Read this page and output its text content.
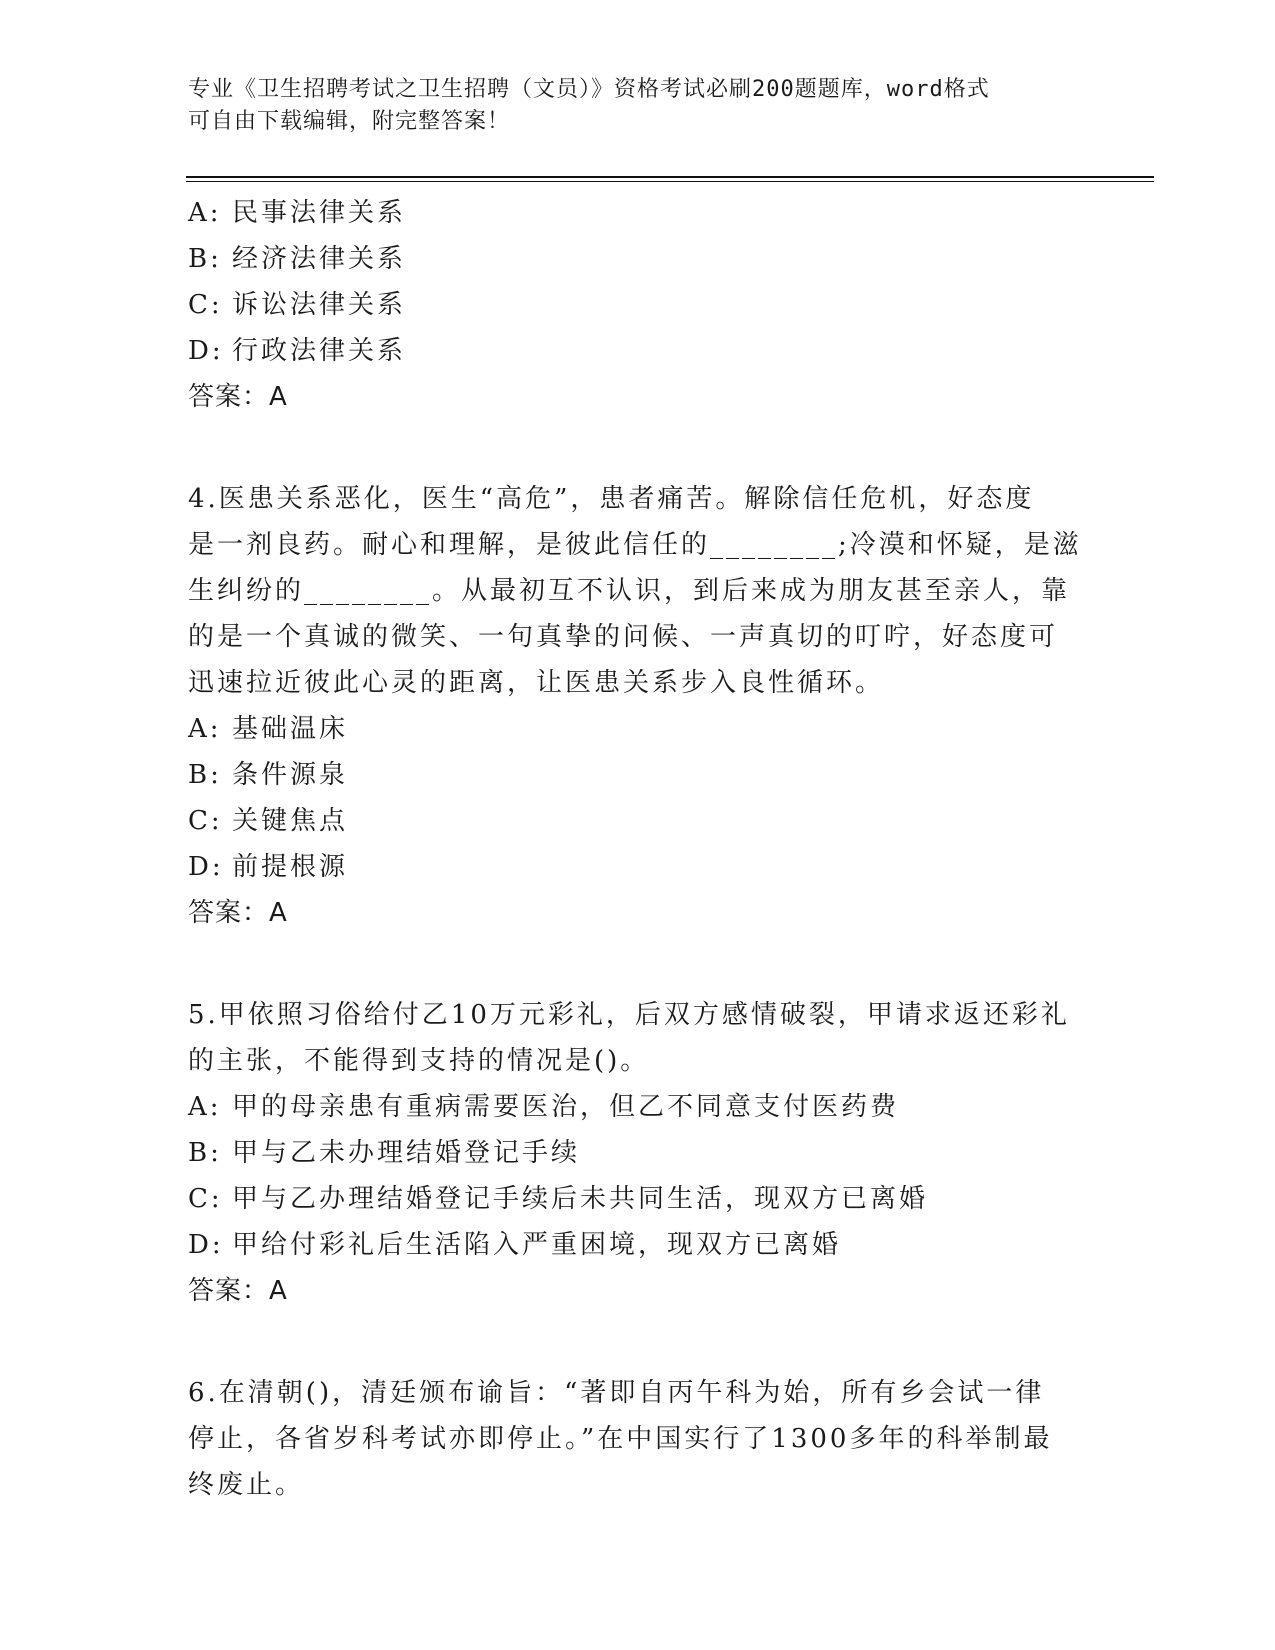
专业《卫生招聘考试之卫生招聘（文员）》资格考试必刷200题题库，word格式
可自由下载编辑，附完整答案！
A: 民事法律关系
B: 经济法律关系
C: 诉讼法律关系
D: 行政法律关系
答案：A
4.医患关系恶化，医生“高危”，患者痛苦。解除信任危机，好态度
是一剂良药。耐心和理解，是彼此信任的________;冷漠和怀疑，是滋
生纠纷的________。从最初互不认识，到后来成为朋友甚至亲人，靠
的是一个真诚的微笑、一句真挚的问候、一声真切的叮咛，好态度可
迅速拉近彼此心灵的距离，让医患关系步入良性循环。
A: 基础温床
B: 条件源泉
C: 关键焦点
D: 前提根源
答案：A
5.甲依照习俗给付乙10万元彩礼，后双方感情破裂，甲请求返还彩礼
的主张，不能得到支持的情况是()。
A: 甲的母亲患有重病需要医治，但乙不同意支付医药费
B: 甲与乙未办理结婚登记手续
C: 甲与乙办理结婚登记手续后未共同生活，现双方已离婚
D: 甲给付彩礼后生活陷入严重困境，现双方已离婚
答案：A
6.在清朝()，清廷颁布谕旨：“著即自丙午科为始，所有乡会试一律
停止，各省岁科考试亦即停止。”在中国实行了1300多年的科举制最
终废止。
